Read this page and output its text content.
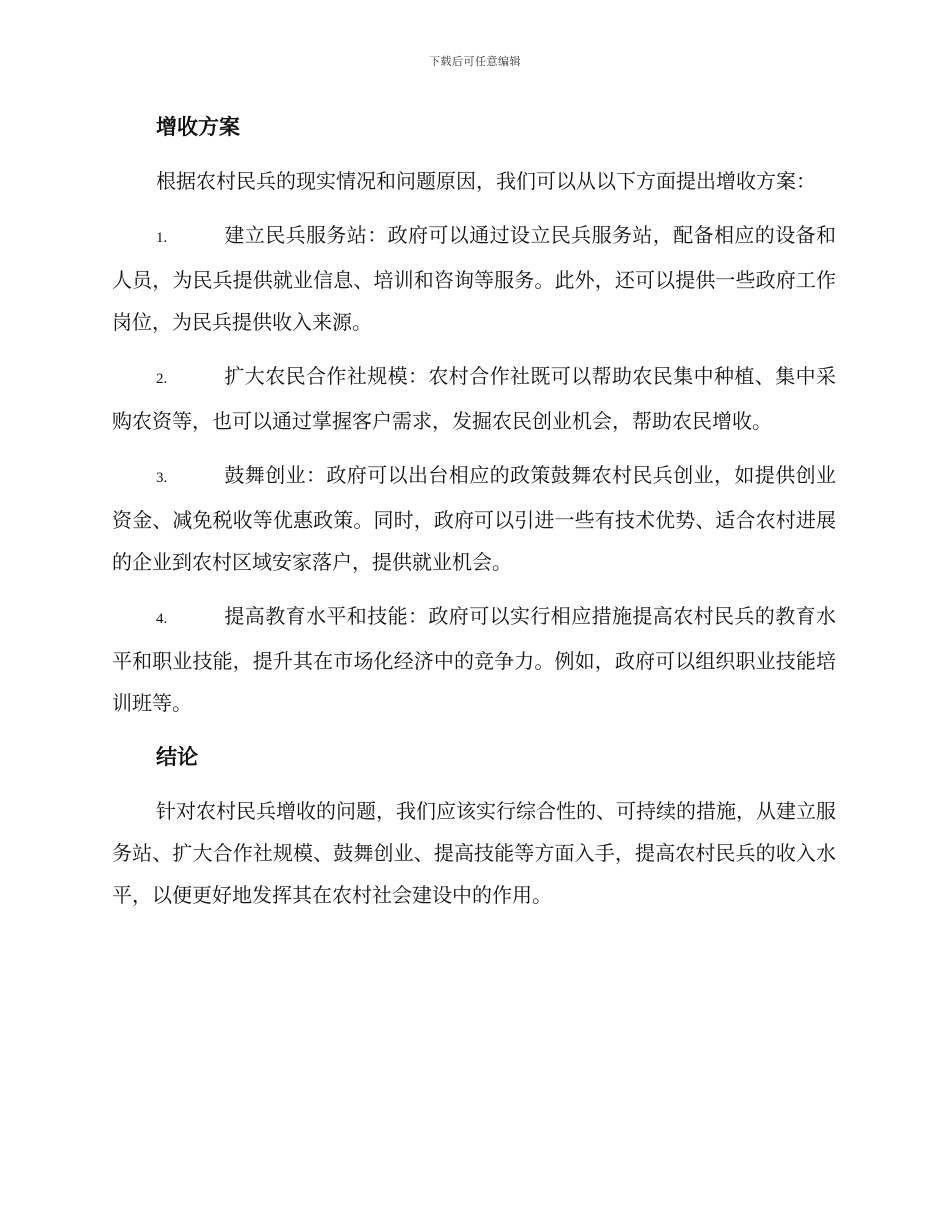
下载后可任意编辑
增收方案

根据农村民兵的现实情况和问题原因，我们可以从以下方面提出增收方案：

1.	建立民兵服务站：政府可以通过设立民兵服务站，配备相应的设备和人员，为民兵提供就业信息、培训和咨询等服务。此外，还可以提供一些政府工作岗位，为民兵提供收入来源。
2.	扩大农民合作社规模：农村合作社既可以帮助农民集中种植、集中采购农资等，也可以通过掌握客户需求，发掘农民创业机会，帮助农民增收。
3.	鼓舞创业：政府可以出台相应的政策鼓舞农村民兵创业，如提供创业资金、减免税收等优惠政策。同时，政府可以引进一些有技术优势、适合农村进展的企业到农村区域安家落户，提供就业机会。
4.	提高教育水平和技能：政府可以实行相应措施提高农村民兵的教育水平和职业技能，提升其在市场化经济中的竞争力。例如，政府可以组织职业技能培训班等。
结论

针对农村民兵增收的问题，我们应该实行综合性的、可持续的措施，从建立服务站、扩大合作社规模、鼓舞创业、提高技能等方面入手，提高农村民兵的收入水平，以便更好地发挥其在农村社会建设中的作用。
